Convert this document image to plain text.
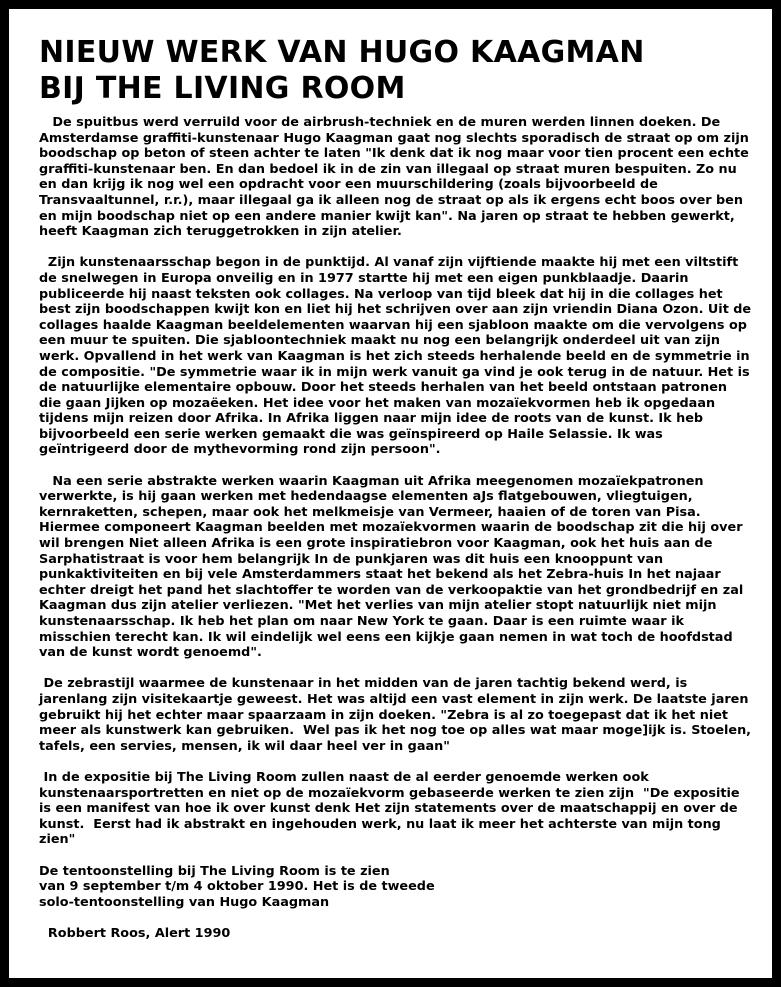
NIEUW WERK VAN HUGO KAAGMAN
BIJ THE LIVING ROOM

De spuitbus werd verruild voor de airbrush-techniek en de muren werden linnen doeken. De Amsterdamse graffiti-kunstenaar Hugo Kaagman gaat nog slechts sporadisch de straat op om zijn boodschap op beton of steen achter te laten "Ik denk dat ik nog maar voor tien procent een echte graffiti-kunstenaar ben. En dan bedoel ik in de zin van illegaal op straat muren bespuiten. Zo nu en dan krijg ik nog wel een opdracht voor een muurschildering (zoals bijvoorbeeld de Transvaaltunnel, r.r.), maar illegaal ga ik alleen nog de straat op als ik ergens echt boos over ben en mijn boodschap niet op een andere manier kwijt kan". Na jaren op straat te hebben gewerkt, heeft Kaagman zich teruggetrokken in zijn atelier.

Zijn kunstenaarsschap begon in de punktijd. Al vanaf zijn vijftiende maakte hij met een viltstift de snelwegen in Europa onveilig en in 1977 startte hij met een eigen punkblaadje. Daarin publiceerde hij naast teksten ook collages. Na verloop van tijd bleek dat hij in die collages het best zijn boodschappen kwijt kon en liet hij het schrijven over aan zijn vriendin Diana Ozon. Uit de collages haalde Kaagman beeldelementen waarvan hij een sjabloon maakte om die vervolgens op een muur te spuiten. Die sjabloontechniek maakt nu nog een belangrijk onderdeel uit van zijn werk. Opvallend in het werk van Kaagman is het zich steeds herhalende beeld en de symmetrie in de compositie. "De symmetrie waar ik in mijn werk vanuit ga vind je ook terug in de natuur. Het is de natuurlijke elementaire opbouw. Door het steeds herhalen van het beeld ontstaan patronen die gaan Jijken op mozaëeken. Het idee voor het maken van mozaïekvormen heb ik opgedaan tijdens mijn reizen door Afrika. In Afrika liggen naar mijn idee de roots van de kunst. Ik heb bijvoorbeeld een serie werken gemaakt die was geïnspireerd op Haile Selassie. Ik was geïntrigeerd door de mythevorming rond zijn persoon".

Na een serie abstrakte werken waarin Kaagman uit Afrika meegenomen mozaïekpatronen verwerkte, is hij gaan werken met hedendaagse elementen aJs flatgebouwen, vliegtuigen, kernraketten, schepen, maar ook het melkmeisje van Vermeer, haaien of de toren van Pisa. Hiermee componeert Kaagman beelden met mozaïekvormen waarin de boodschap zit die hij over wil brengen Niet alleen Afrika is een grote inspiratiebron voor Kaagman, ook het huis aan de Sarphatistraat is voor hem belangrijk In de punkjaren was dit huis een knooppunt van punkaktiviteiten en bij vele Amsterdammers staat het bekend als het Zebra-huis In het najaar echter dreigt het pand het slachtoffer te worden van de verkoopaktie van het grondbedrijf en zal  Kaagman dus zijn atelier verliezen. "Met het verlies van mijn atelier stopt natuurlijk niet mijn kunstenaarsschap. Ik heb het plan om naar New York te gaan. Daar is een ruimte waar ik misschien terecht kan. Ik wil eindelijk wel eens een kijkje gaan nemen in wat toch de hoofdstad van de kunst wordt genoemd".

De zebrastijl waarmee de kunstenaar in het midden van de jaren tachtig bekend werd, is jarenlang zijn visitekaartje geweest. Het was altijd een vast element in zijn werk. De laatste jaren gebruikt hij het echter maar spaarzaam in zijn doeken. "Zebra is al zo toegepast dat ik het niet meer als kunstwerk kan gebruiken.  Wel pas ik het nog toe op alles wat maar moge]ijk is. Stoelen, tafels, een servies, mensen, ik wil daar heel ver in gaan"

In de expositie bij The Living Room zullen naast de al eerder genoemde werken ook kunstenaarsportretten en niet op de mozaïekvorm gebaseerde werken te zien zijn  "De expositie is een manifest van hoe ik over kunst denk Het zijn statements over de maatschappij en over de kunst.  Eerst had ik abstrakt en ingehouden werk, nu laat ik meer het achterste van mijn tong zien"

De tentoonstelling bij The Living Room is te zien
van 9 september t/m 4 oktober 1990. Het is de tweede
solo-tentoonstelling van Hugo Kaagman

Robbert Roos, Alert 1990
